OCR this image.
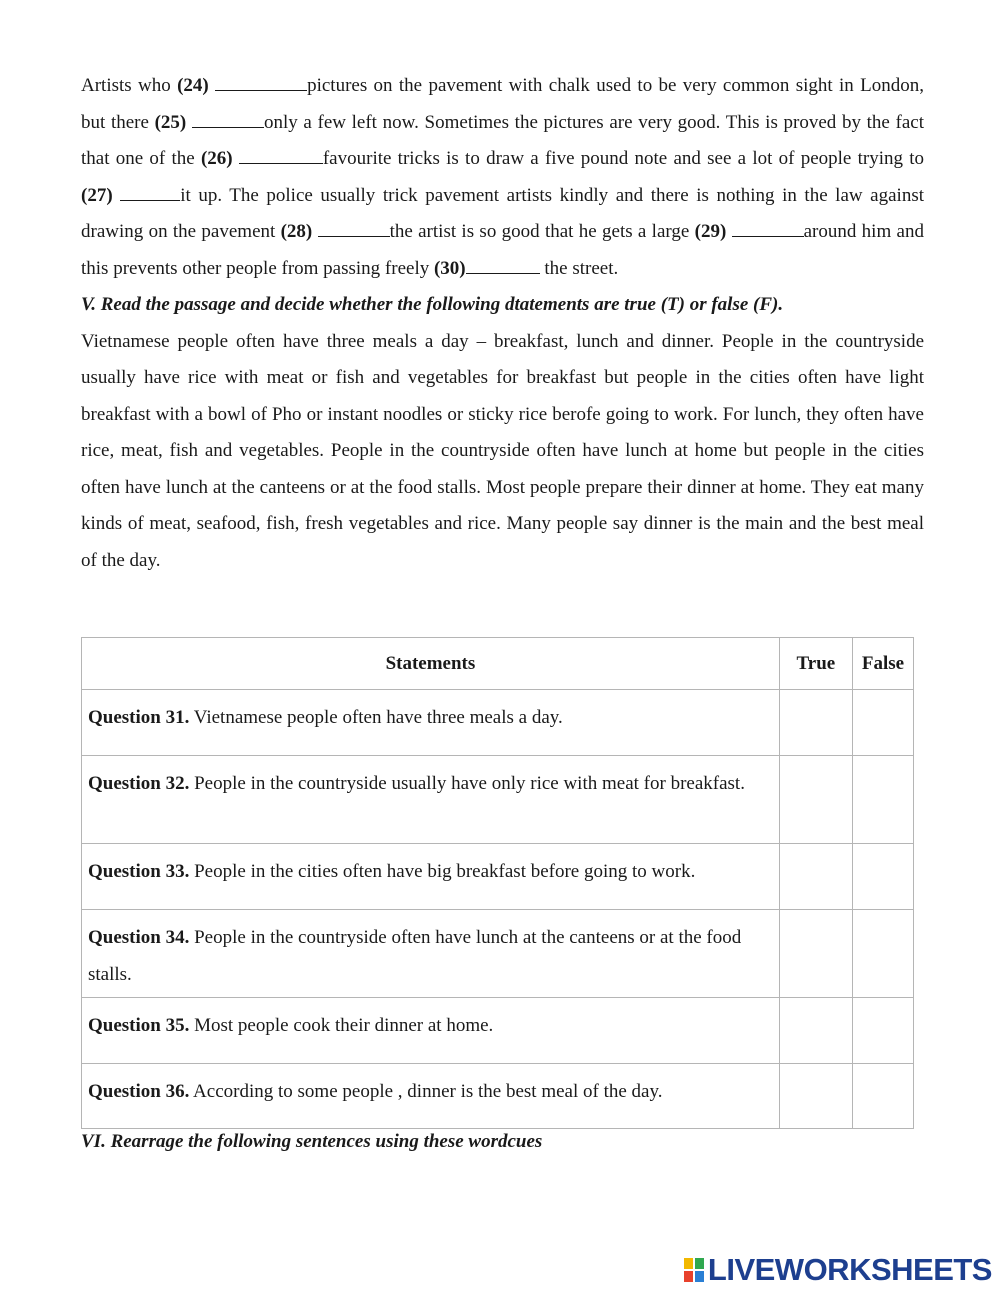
Artists who (24)	pictures on the pavement with chalk used to be very common sight in London, but there (25)	only a few left now. Sometimes the pictures are very good. This is proved by the fact that one of the (26)	favourite tricks is to draw a five pound note and see a lot of people trying to (27)	it up. The police usually trick pavement artists kindly and there is nothing in the law against drawing on the pavement (28)	the artist is so good that he gets a large (29)	around him and this prevents other people from passing freely (30)	the street.

V. Read the passage and decide whether the following dtatements are true (T) or false (F).

Vietnamese people often have three meals a day – breakfast, lunch and dinner. People in the countryside usually have rice with meat or fish and vegetables for breakfast but people in the cities often have light breakfast with a bowl of Pho or instant noodles or sticky rice berofe going to work. For lunch, they often have rice, meat, fish and vegetables. People in the countryside often have lunch at home but people in the cities often have lunch at the canteens or at the food stalls. Most people prepare their dinner at home. They eat many kinds of meat, seafood, fish, fresh vegetables and rice. Many people say dinner is the main and the best meal of the day.

Statements	True	False
Question 31. Vietnamese people often have three meals a day.		
Question 32. People in the countryside usually have only rice with meat for breakfast.		
Question 33. People in the cities often have big breakfast before going to work.		
Question 34. People in the countryside often have lunch at the canteens or at the food stalls.		
Question 35. Most people cook their dinner at home.		
Question 36. According to some people , dinner is the best meal of the day.		

VI. Rearrage the following sentences using these wordcues

LIVEWORKSHEETS
